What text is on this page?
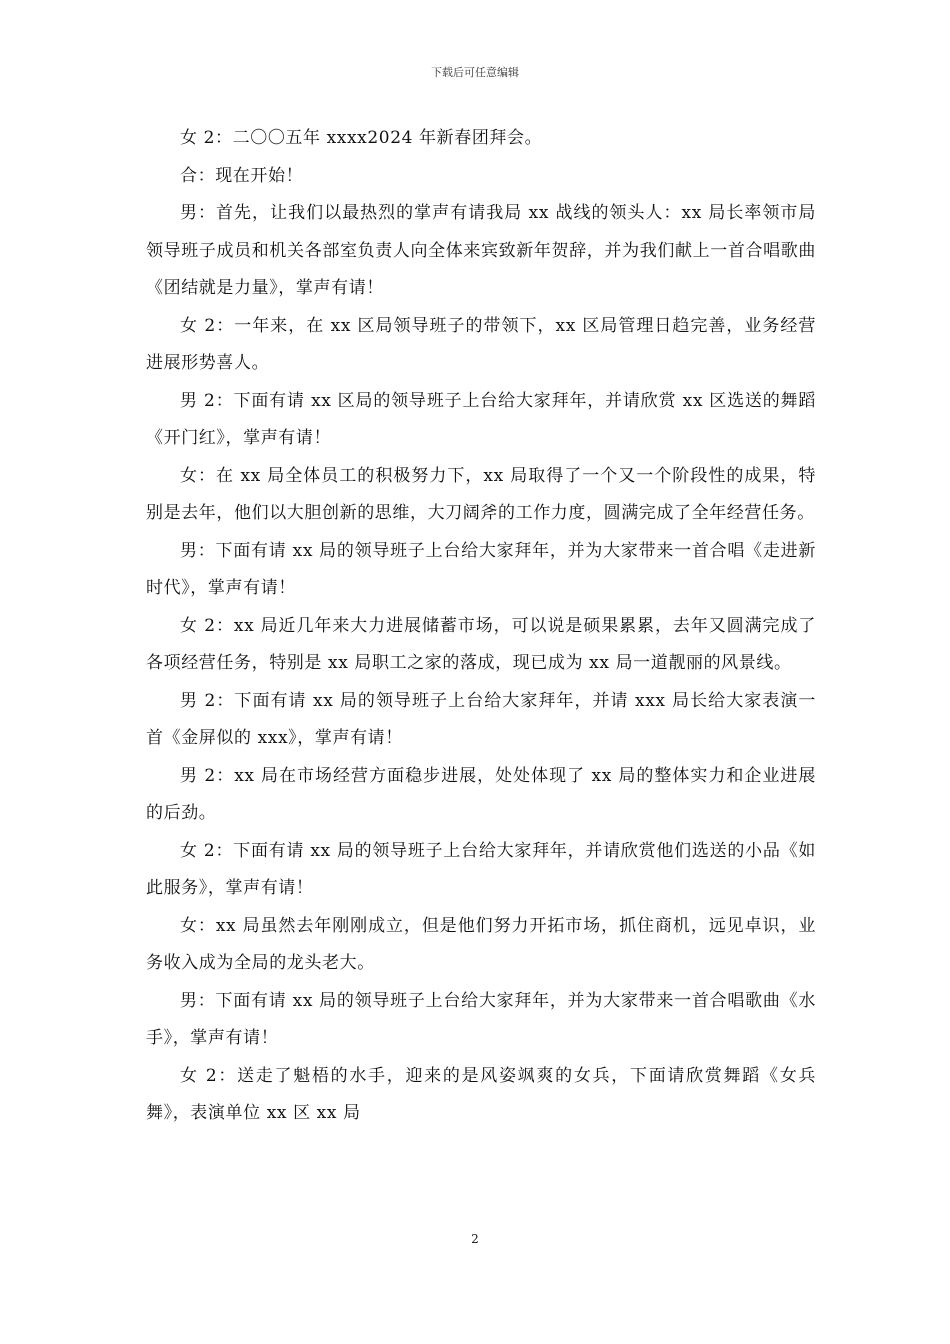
下载后可任意编辑

女 2：二〇〇五年 xxxx2024 年新春团拜会。

合：现在开始！

男：首先，让我们以最热烈的掌声有请我局 xx 战线的领头人：xx 局长率领市局领导班子成员和机关各部室负责人向全体来宾致新年贺辞，并为我们献上一首合唱歌曲《团结就是力量》，掌声有请！

女 2：一年来，在 xx 区局领导班子的带领下，xx 区局管理日趋完善，业务经营进展形势喜人。

男 2：下面有请 xx 区局的领导班子上台给大家拜年，并请欣赏 xx 区选送的舞蹈《开门红》，掌声有请！

女：在 xx 局全体员工的积极努力下，xx 局取得了一个又一个阶段性的成果，特别是去年，他们以大胆创新的思维，大刀阔斧的工作力度，圆满完成了全年经营任务。

男：下面有请 xx 局的领导班子上台给大家拜年，并为大家带来一首合唱《走进新时代》，掌声有请！

女 2：xx 局近几年来大力进展储蓄市场，可以说是硕果累累，去年又圆满完成了各项经营任务，特别是 xx 局职工之家的落成，现已成为 xx 局一道靓丽的风景线。

男 2：下面有请 xx 局的领导班子上台给大家拜年，并请 xxx 局长给大家表演一首《金屏似的 xxx》，掌声有请！

男 2：xx 局在市场经营方面稳步进展，处处体现了 xx 局的整体实力和企业进展的后劲。

女 2：下面有请 xx 局的领导班子上台给大家拜年，并请欣赏他们选送的小品《如此服务》，掌声有请！

女：xx 局虽然去年刚刚成立，但是他们努力开拓市场，抓住商机，远见卓识，业务收入成为全局的龙头老大。

男：下面有请 xx 局的领导班子上台给大家拜年，并为大家带来一首合唱歌曲《水手》，掌声有请！

女 2：送走了魁梧的水手，迎来的是风姿飒爽的女兵，下面请欣赏舞蹈《女兵舞》，表演单位 xx 区 xx 局

2
